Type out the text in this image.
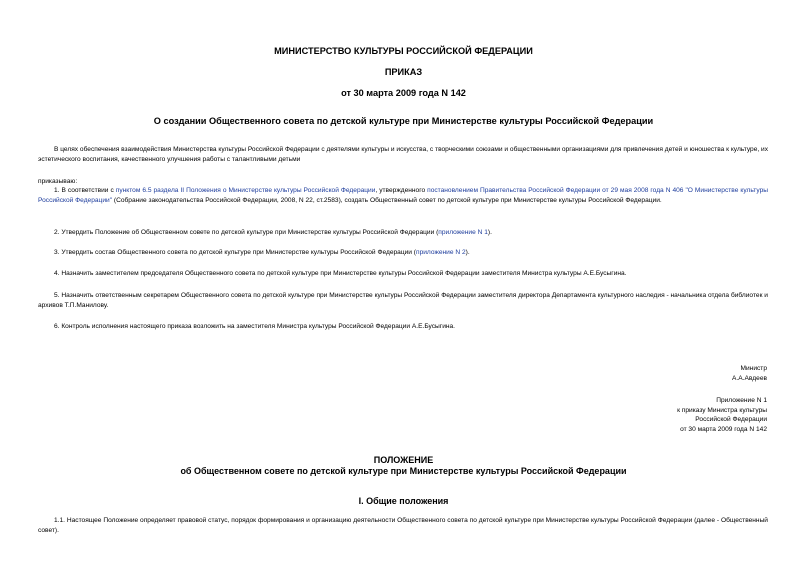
МИНИСТЕРСТВО КУЛЬТУРЫ РОССИЙСКОЙ ФЕДЕРАЦИИ
ПРИКАЗ
от 30 марта 2009 года N 142
О создании Общественного совета по детской культуре при Министерстве культуры Российской Федерации
В целях обеспечения взаимодействия Министерства культуры Российской Федерации с деятелями культуры и искусства, с творческими союзами и общественными организациями для привлечения детей и юношества к культуре, их эстетического воспитания, качественного улучшения работы с талантливыми детьми
приказываю:
1. В соответствии с пунктом 6.5 раздела II Положения о Министерстве культуры Российской Федерации, утвержденного постановлением Правительства Российской Федерации от 29 мая 2008 года N 406 "О Министерстве культуры Российской Федерации" (Собрание законодательства Российской Федерации, 2008, N 22, ст.2583), создать Общественный совет по детской культуре при Министерстве культуры Российской Федерации.
2. Утвердить Положение об Общественном совете по детской культуре при Министерстве культуры Российской Федерации (приложение N 1).
3. Утвердить состав Общественного совета по детской культуре при Министерстве культуры Российской Федерации (приложение N 2).
4. Назначить заместителем председателя Общественного совета по детской культуре при Министерстве культуры Российской Федерации заместителя Министра культуры А.Е.Бусыгина.
5. Назначить ответственным секретарем Общественного совета по детской культуре при Министерстве культуры Российской Федерации заместителя директора Департамента культурного наследия - начальника отдела библиотек и архивов Т.П.Манилову.
6. Контроль исполнения настоящего приказа возложить на заместителя Министра культуры Российской Федерации А.Е.Бусыгина.
Министр
А.А.Авдеев
Приложение N 1
к приказу Министра культуры
Российской Федерации
от 30 марта 2009 года N 142
ПОЛОЖЕНИЕ
об Общественном совете по детской культуре при Министерстве культуры Российской Федерации
I. Общие положения
1.1. Настоящее Положение определяет правовой статус, порядок формирования и организацию деятельности Общественного совета по детской культуре при Министерстве культуры Российской Федерации (далее - Общественный совет).
